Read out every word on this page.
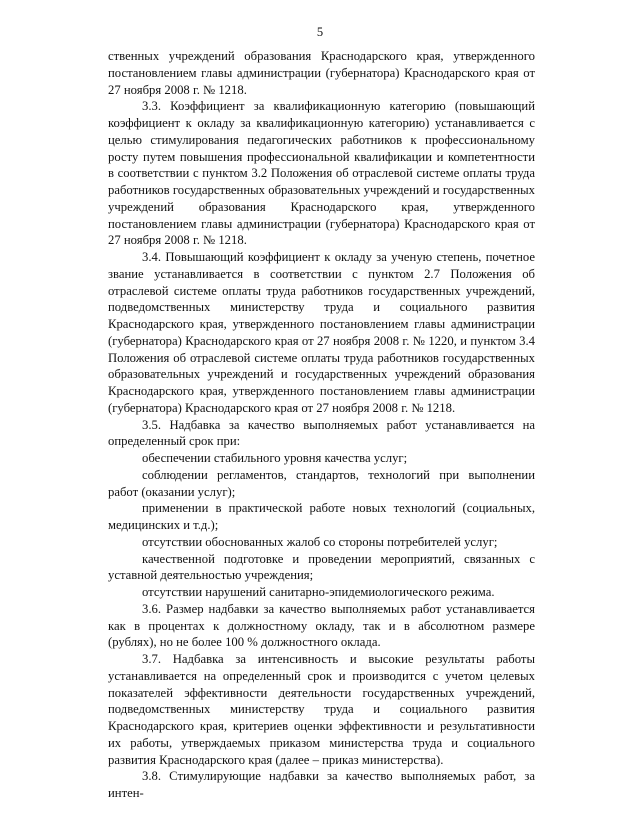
5

ственных учреждений образования Краснодарского края, утвержденного постановлением главы администрации (губернатора) Краснодарского края от 27 ноября 2008 г. № 1218.

3.3. Коэффициент за квалификационную категорию (повышающий коэффициент к окладу за квалификационную категорию) устанавливается с целью стимулирования педагогических работников к профессиональному росту путем повышения профессиональной квалификации и компетентности в соответствии с пунктом 3.2 Положения об отраслевой системе оплаты труда работников государственных образовательных учреждений и государственных учреждений образования Краснодарского края, утвержденного постановлением главы администрации (губернатора) Краснодарского края от 27 ноября 2008 г. № 1218.

3.4. Повышающий коэффициент к окладу за ученую степень, почетное звание устанавливается в соответствии с пунктом 2.7 Положения об отраслевой системе оплаты труда работников государственных учреждений, подведомственных министерству труда и социального развития Краснодарского края, утвержденного постановлением главы администрации (губернатора) Краснодарского края от 27 ноября 2008 г. № 1220, и пунктом 3.4 Положения об отраслевой системе оплаты труда работников государственных образовательных учреждений и государственных учреждений образования Краснодарского края, утвержденного постановлением главы администрации (губернатора) Краснодарского края от 27 ноября 2008 г. № 1218.

3.5. Надбавка за качество выполняемых работ устанавливается на определенный срок при:

обеспечении стабильного уровня качества услуг;

соблюдении регламентов, стандартов, технологий при выполнении работ (оказании услуг);

применении в практической работе новых технологий (социальных, медицинских и т.д.);

отсутствии обоснованных жалоб со стороны потребителей услуг;

качественной подготовке и проведении мероприятий, связанных с уставной деятельностью учреждения;

отсутствии нарушений санитарно-эпидемиологического режима.

3.6. Размер надбавки за качество выполняемых работ устанавливается как в процентах к должностному окладу, так и в абсолютном размере (рублях), но не более 100 % должностного оклада.

3.7. Надбавка за интенсивность и высокие результаты работы устанавливается на определенный срок и производится с учетом целевых показателей эффективности деятельности государственных учреждений, подведомственных министерству труда и социального развития Краснодарского края, критериев оценки эффективности и результативности их работы, утверждаемых приказом министерства труда и социального развития Краснодарского края (далее – приказ министерства).

3.8. Стимулирующие надбавки за качество выполняемых работ, за интен-
